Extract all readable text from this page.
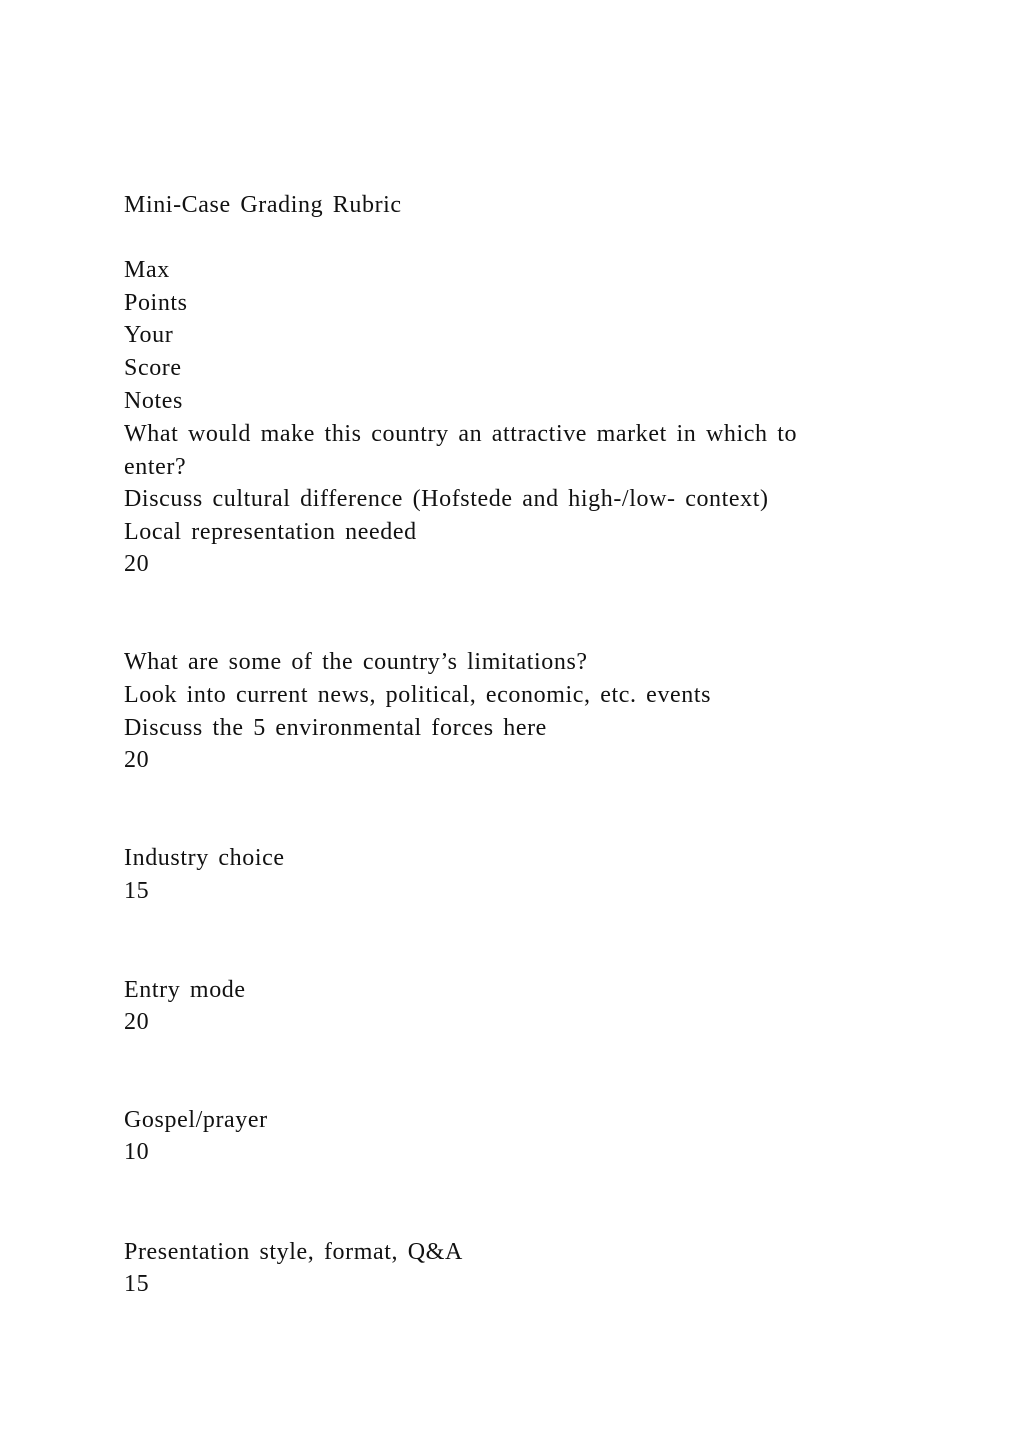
Mini-Case Grading Rubric
Max
Points
Your
Score
Notes
What would make this country an attractive market in which to
enter?
Discuss cultural difference (Hofstede and high-/low- context)
Local representation needed
20
What are some of the country’s limitations?
Look into current news, political, economic, etc. events
Discuss the 5 environmental forces here
20
Industry choice
15
Entry mode
20
Gospel/prayer
10
Presentation style, format, Q&A
15
